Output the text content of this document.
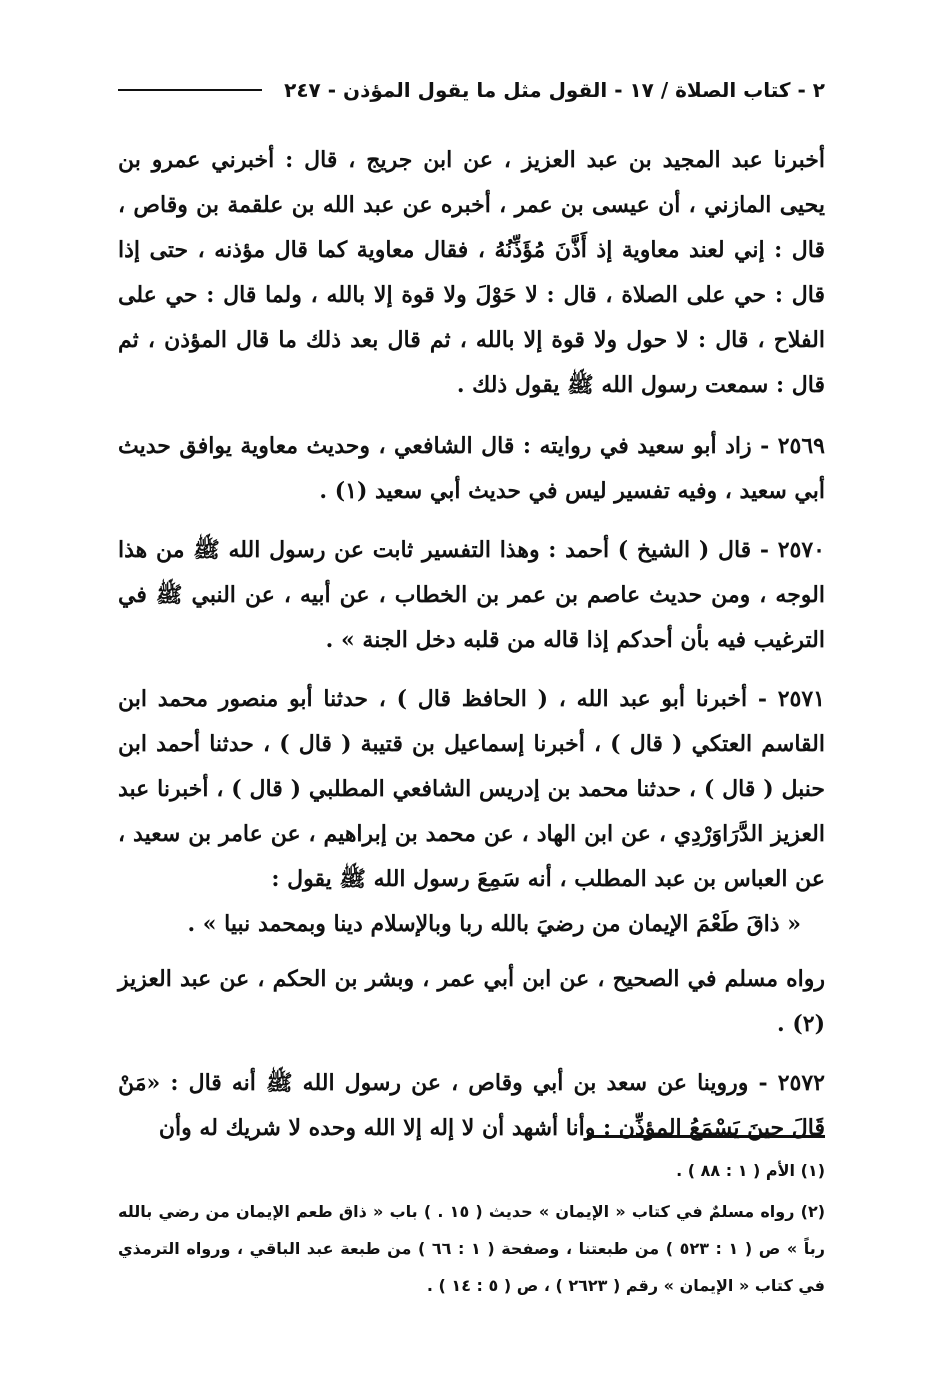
٢ - كتاب الصلاة / ١٧ - القول مثل ما يقول المؤذن - ٢٤٧

أخبرنا عبد المجيد بن عبد العزيز ، عن ابن جريج ، قال : أخبرني عمرو بن يحيى المازني ، أن عيسى بن عمر ، أخبره عن عبد الله بن علقمة بن وقاص ، قال : إني لعند معاوية إذ أَذَّنَ مُؤَذِّنُهُ ، فقال معاوية كما قال مؤذنه ، حتى إذا قال : حي على الصلاة ، قال : لا حَوْلَ ولا قوة إلا بالله ، ولما قال : حي على الفلاح ، قال : لا حول ولا قوة إلا بالله ، ثم قال بعد ذلك ما قال المؤذن ، ثم قال : سمعت رسول الله ﷺ يقول ذلك .

٢٥٦٩ - زاد أبو سعيد في روايته : قال الشافعي ، وحديث معاوية يوافق حديث أبي سعيد ، وفيه تفسير ليس في حديث أبي سعيد (١) .

٢٥٧٠ - قال ( الشيخ ) أحمد : وهذا التفسير ثابت عن رسول الله ﷺ من هذا الوجه ، ومن حديث عاصم بن عمر بن الخطاب ، عن أبيه ، عن النبي ﷺ في الترغيب فيه بأن أحدكم إذا قاله من قلبه دخل الجنة » .

٢٥٧١ - أخبرنا أبو عبد الله ، ( الحافظ قال ) ، حدثنا أبو منصور محمد ابن القاسم العتكي ( قال ) ، أخبرنا إسماعيل بن قتيبة ( قال ) ، حدثنا أحمد ابن حنبل ( قال ) ، حدثنا محمد بن إدريس الشافعي المطلبي ( قال ) ، أخبرنا عبد العزيز الدَّرَاوَرْدِي ، عن ابن الهاد ، عن محمد بن إبراهيم ، عن عامر بن سعيد ، عن العباس بن عبد المطلب ، أنه سَمِعَ رسول الله ﷺ يقول :

« ذاقَ طَعْمَ الإيمان من رضيَ بالله ربا وبالإسلام دينا وبمحمد نبيا » .

رواه مسلم في الصحيح ، عن ابن أبي عمر ، وبشر بن الحكم ، عن عبد العزيز (٢) .

٢٥٧٢ - وروينا عن سعد بن أبي وقاص ، عن رسول الله ﷺ أنه قال : «مَنْ قَالَ حينَ يَسْمَعُ المؤذِّن : وأنا أشهد أن لا إله إلا الله وحده لا شريك له وأن

(١) الأم ( ١ : ٨٨ ) .

(٢) رواه مسلمٌ في كتاب « الإيمان » حديث ( ١٥ . ) باب « ذاق طعم الإيمان من رضي بالله رباً » ص ( ١ : ٥٢٣ ) من طبعتنا ، وصفحة ( ١ : ٦٦ ) من طبعة عبد الباقي ، ورواه الترمذي في كتاب « الإيمان » رقم ( ٢٦٢٣ ) ، ص ( ٥ : ١٤ ) .
